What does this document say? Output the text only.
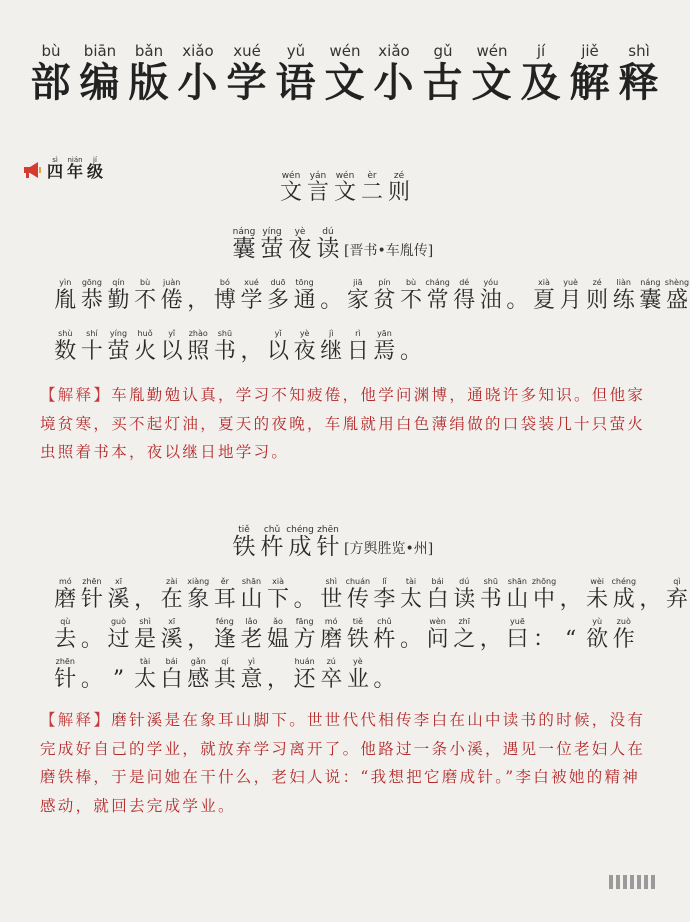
bù
部
biān
编
bǎn
版
xiǎo
小
xué
学
yǔ
语
wén
文
xiǎo
小
gǔ
古
wén
文
jí
及
jiě
解
shì
释
sì
四
nián
年
jí
级	wén
文
yán
言
wén
文
èr
二
zé
则
náng
囊
yíng
萤
yè
夜
dú
读 [晋书•车胤传]
yìn
胤
gōng
恭
qín
勤
bù
不
juàn
倦
，
bó
博
xué
学
duō
多
tōng
通
。
jiā
家
pín
贫
bù
不
cháng
常
dé
得
yóu
油
。
xià
夏
yuè
月
zé
则
liàn
练
náng
囊
shèng
盛
shù
数
shí
十
yíng
萤
huǒ
火
yǐ
以
zhào
照
shū
书
，
yǐ
以
yè
夜
jì
继
rì
日
yān
焉
。
【解释】车胤勤勉认真，学习不知疲倦，他学问渊博，通晓许多知识。但他家境贫寒，买不起灯油，夏天的夜晚，车胤就用白色薄绢做的口袋装几十只萤火虫照着书本，夜以继日地学习。
tiě
铁
chǔ
杵
chéng
成
zhēn
针 [方舆胜览•州]
mó
磨
zhēn
针
xī
溪
，
zài
在
xiàng
象
ěr
耳
shān
山
xià
下
。
shì
世
chuán
传
lǐ
李
tài
太
bái
白
dú
读
shū
书
shān
山
zhōng
中
，
wèi
未
chéng
成
，
qì
弃
qù
去
。
guò
过
shì
是
xī
溪
，
féng
逢
lǎo
老
ǎo
媪
fāng
方
mó
磨
tiě
铁
chǔ
杵
。
wèn
问
zhī
之
，
yuē
曰
：
“
yù
欲
zuò
作
zhēn
针
。
”
tài
太
bái
白
gǎn
感
qí
其
yì
意
，
huán
还
zú
卒
yè
业
。
【解释】磨针溪是在象耳山脚下。世世代代相传李白在山中读书的时候，没有完成好自己的学业，就放弃学习离开了。他路过一条小溪，遇见一位老妇人在磨铁棒，于是问她在干什么，老妇人说：“我想把它磨成针。”李白被她的精神感动，就回去完成学业。
